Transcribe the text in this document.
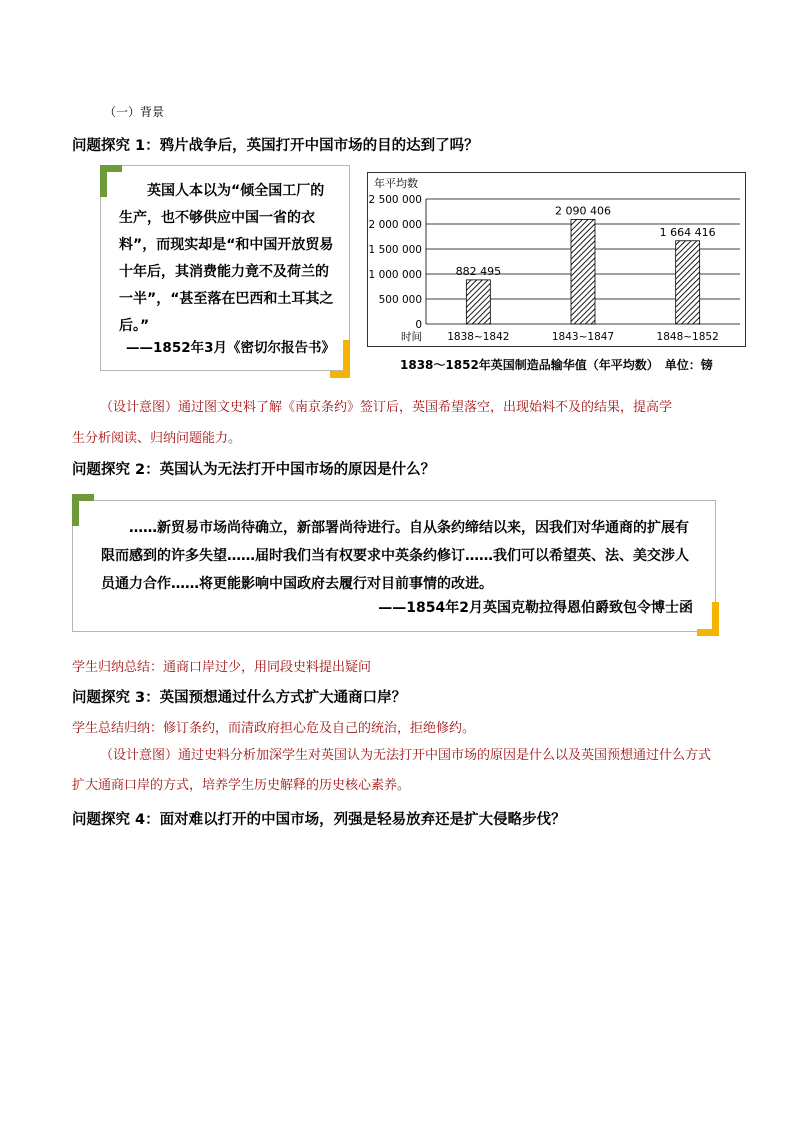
（一）背景
问题探究 1：鸦片战争后，英国打开中国市场的目的达到了吗？

英国人本以为“倾全国工厂的

生产，也不够供应中国一省的衣

料”，而现实却是“和中国开放贸易

十年后，其消费能力竟不及荷兰的

一半”，“甚至落在巴西和土耳其之

后。”

——1852年3月《密切尔报告书》
年平均数
0
500 000
1 000 000
1 500 000
2 000 000
2 500 000
882 495
2 090 406
1 664 416
1838~1842	1843~1847	1848~1852
时间
1838～1852年英国制造品输华值（年平均数）　单位：镑
（设计意图）通过图文史料了解《南京条约》签订后，英国希望落空，出现始料不及的结果，提高学
生分析阅读、归纳问题能力。
问题探究 2：英国认为无法打开中国市场的原因是什么？

……新贸易市场尚待确立，新部署尚待进行。自从条约缔结以来，因我们对华通商的扩展有限而感到的许多失望……届时我们当有权要求中英条约修订……我们可以希望英、法、美交涉人员通力合作……将更能影响中国政府去履行对目前事情的改进。

——1854年2月英国克勒拉得恩伯爵致包令博士函
学生归纳总结：通商口岸过少，用同段史料提出疑问
问题探究 3：英国预想通过什么方式扩大通商口岸？
学生总结归纳：修订条约，而清政府担心危及自己的统治，拒绝修约。
（设计意图）通过史料分析加深学生对英国认为无法打开中国市场的原因是什么以及英国预想通过什么方式扩大通商口岸的方式，培养学生历史解释的历史核心素养。
问题探究 4：面对难以打开的中国市场，列强是轻易放弃还是扩大侵略步伐？
